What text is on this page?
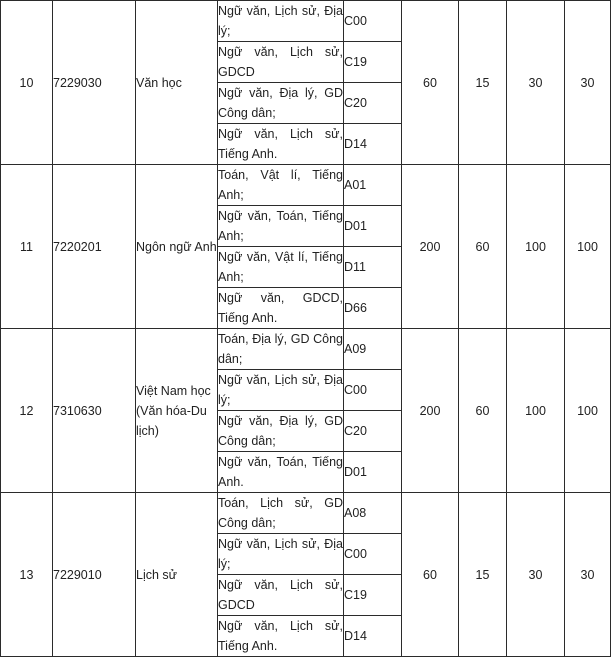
10	7229030	Văn học	Ngữ văn, Lịch sử, Địa lý;	C00	60	15	30	30
			Ngữ văn, Lịch sử, GDCD	C19				
			Ngữ văn, Địa lý, GD Công dân;	C20				
			Ngữ văn, Lịch sử, Tiếng Anh.	D14				
11	7220201	Ngôn ngữ Anh	Toán, Vật lí, Tiếng Anh;	A01	200	60	100	100
			Ngữ văn, Toán, Tiếng Anh;	D01				
			Ngữ văn, Vật lí, Tiếng Anh;	D11				
			Ngữ văn, GDCD, Tiếng Anh.	D66				
12	7310630	Việt Nam học (Văn hóa-Du lịch)	Toán, Địa lý, GD Công dân;	A09	200	60	100	100
			Ngữ văn, Lịch sử, Địa lý;	C00				
			Ngữ văn, Địa lý, GD Công dân;	C20				
			Ngữ văn, Toán, Tiếng Anh.	D01				
13	7229010	Lịch sử	Toán, Lịch sử, GD Công dân;	A08	60	15	30	30
			Ngữ văn, Lịch sử, Địa lý;	C00				
			Ngữ văn, Lịch sử, GDCD	C19				
			Ngữ văn, Lịch sử, Tiếng Anh.	D14				
